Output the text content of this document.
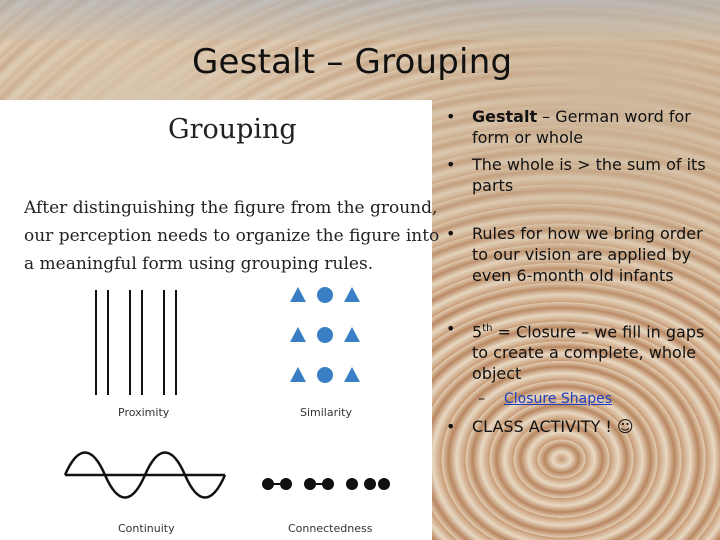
Gestalt – Grouping
Grouping
After distinguishing the figure from the ground,
our perception needs to organize the figure into
a meaningful form using grouping rules.
Proximity	Similarity
Continuity	Connectedness
• Gestalt – German word for form or whole
• The whole is > the sum of its parts
• Rules for how we bring order to our vision are applied by even 6-month old infants
• 5th = Closure – we fill in gaps to create a complete, whole object
– Closure Shapes
• CLASS ACTIVITY ! ☺
